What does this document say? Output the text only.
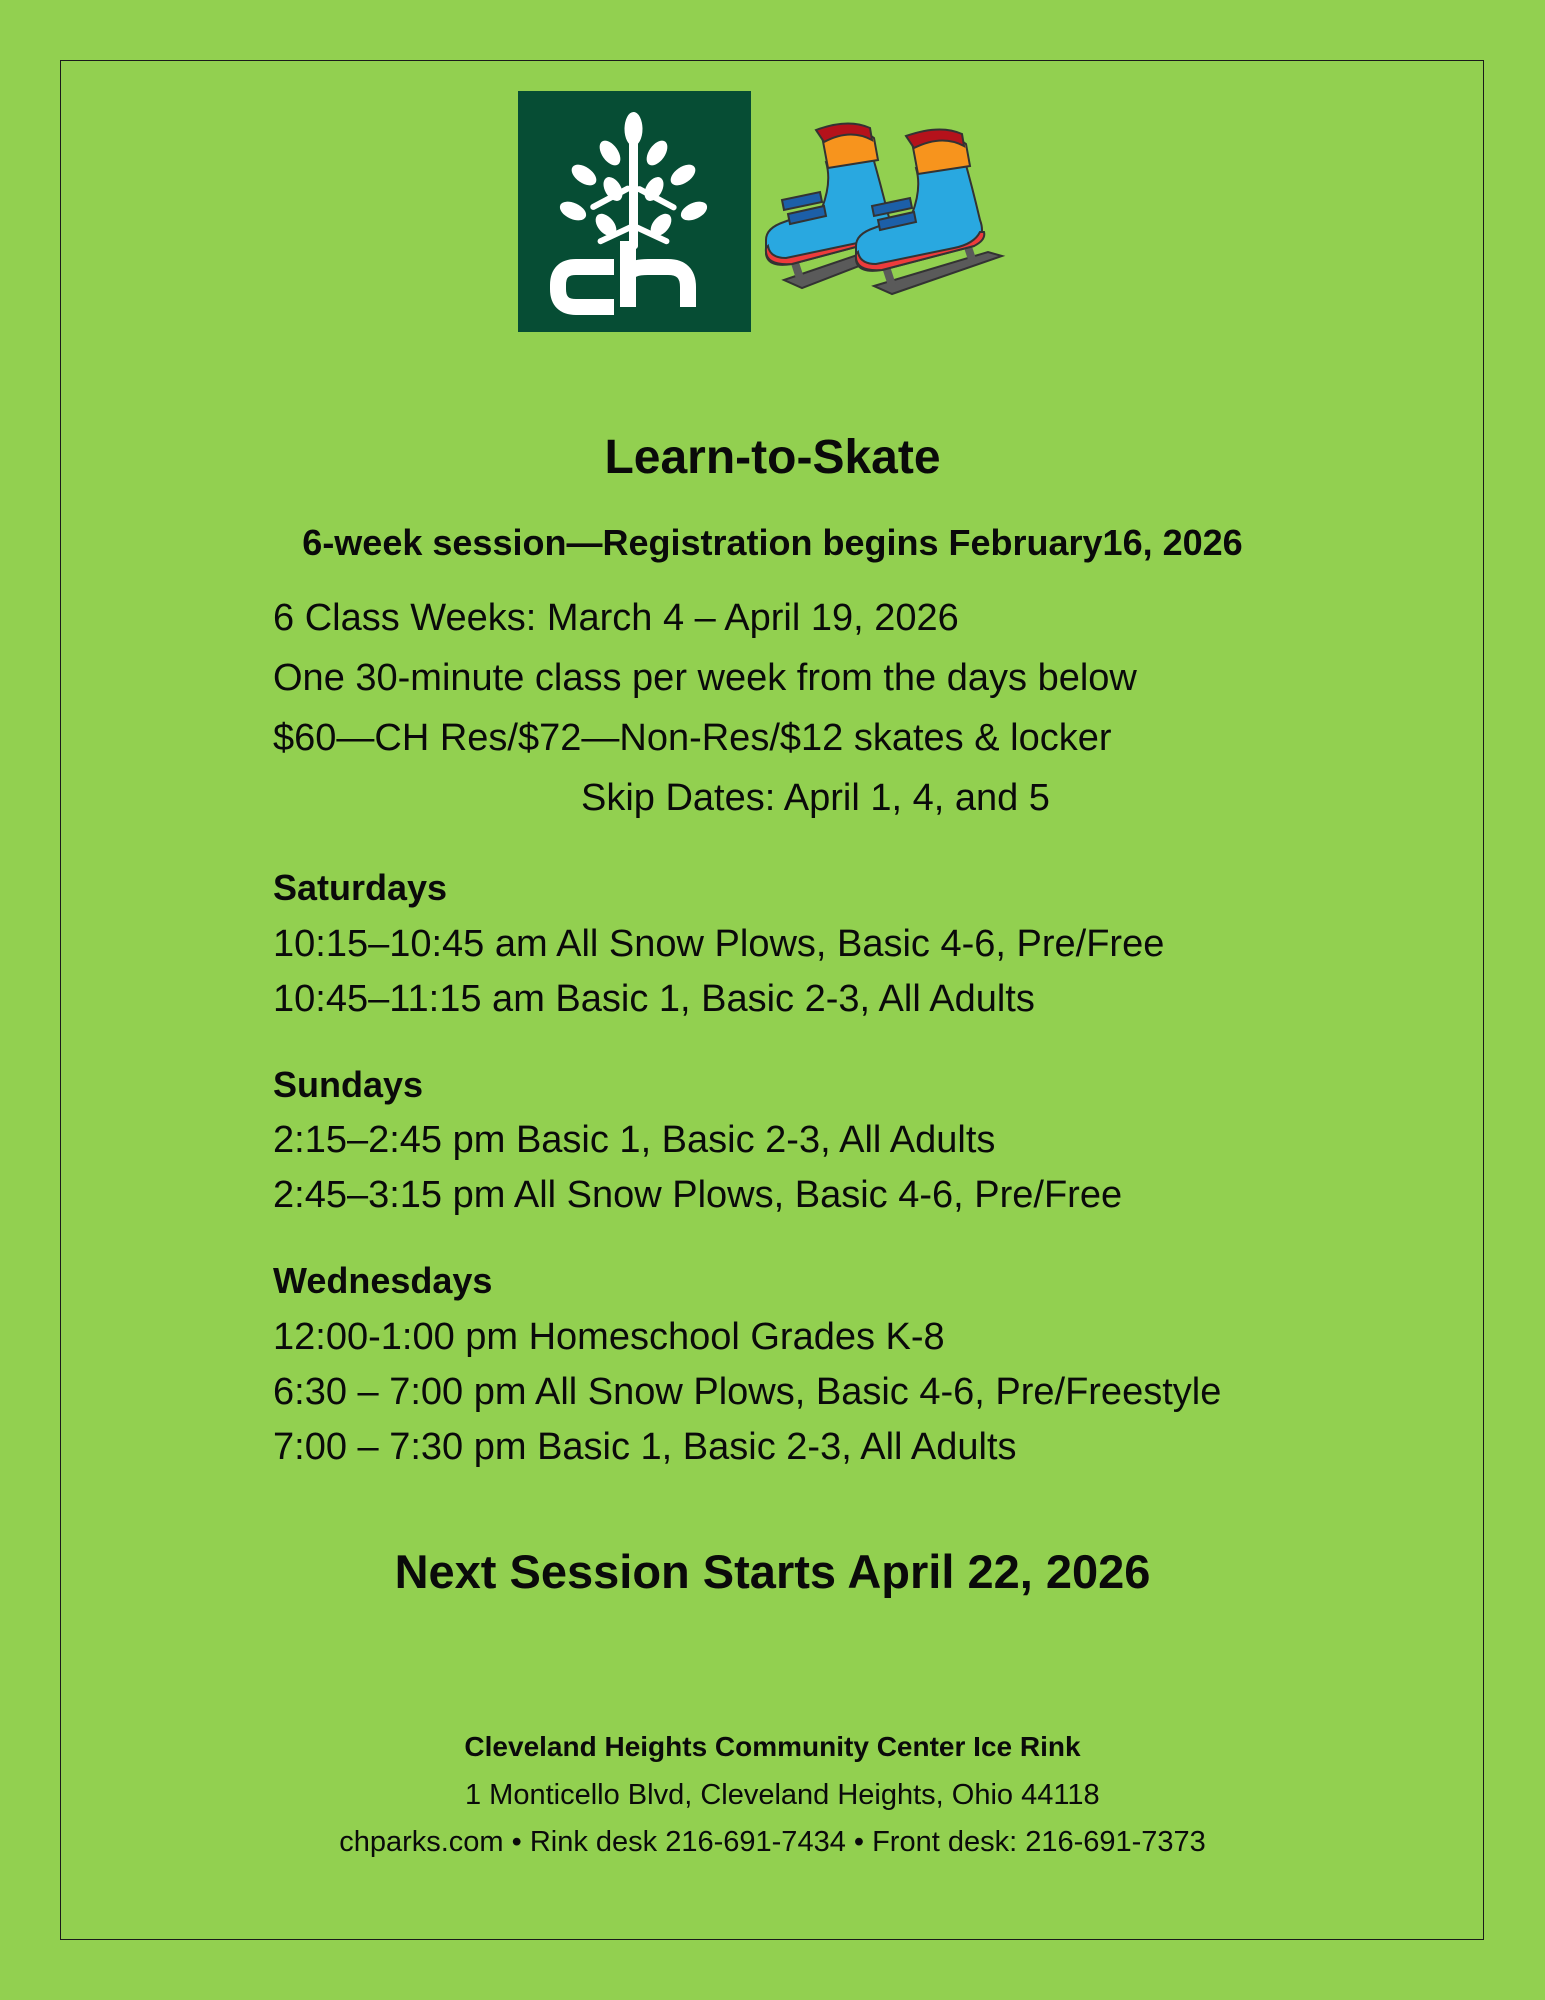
Learn-to-Skate
6-week session—Registration begins February16, 2026
6 Class Weeks: March 4 – April 19, 2026
One 30-minute class per week from the days below
$60—CH Res/$72—Non-Res/$12 skates & locker
Skip Dates: April 1, 4, and 5
Saturdays
10:15–10:45 am All Snow Plows, Basic 4-6, Pre/Free
10:45–11:15 am Basic 1, Basic 2-3, All Adults
Sundays
2:15–2:45 pm Basic 1, Basic 2-3, All Adults
2:45–3:15 pm All Snow Plows, Basic 4-6, Pre/Free
Wednesdays
12:00-1:00 pm Homeschool Grades K-8
6:30 – 7:00 pm All Snow Plows, Basic 4-6, Pre/Freestyle
7:00 – 7:30 pm Basic 1, Basic 2-3, All Adults
Next Session Starts April 22, 2026
Cleveland Heights Community Center Ice Rink
1 Monticello Blvd, Cleveland Heights, Ohio 44118
chparks.com • Rink desk 216-691-7434 • Front desk: 216-691-7373
